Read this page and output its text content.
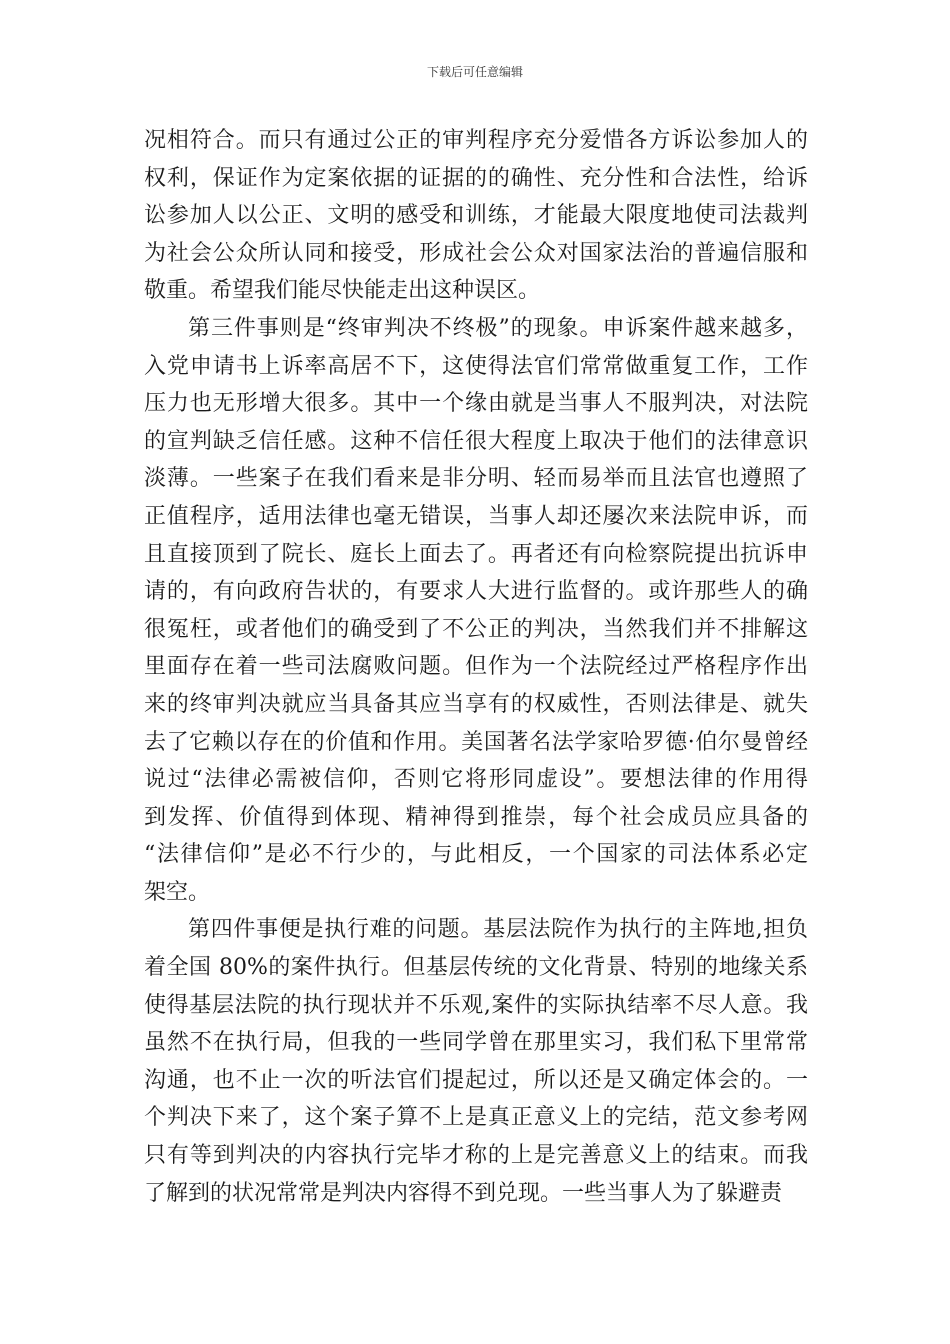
下载后可任意编辑
况相符合。而只有通过公正的审判程序充分爱惜各方诉讼参加人的
权利，保证作为定案依据的证据的的确性、充分性和合法性，给诉
讼参加人以公正、文明的感受和训练，才能最大限度地使司法裁判
为社会公众所认同和接受，形成社会公众对国家法治的普遍信服和
敬重。希望我们能尽快能走出这种误区。
第三件事则是“终审判决不终极”的现象。申诉案件越来越多，
入党申请书上诉率高居不下，这使得法官们常常做重复工作，工作
压力也无形增大很多。其中一个缘由就是当事人不服判决，对法院
的宣判缺乏信任感。这种不信任很大程度上取决于他们的法律意识
淡薄。一些案子在我们看来是非分明、轻而易举而且法官也遵照了
正值程序，适用法律也毫无错误，当事人却还屡次来法院申诉，而
且直接顶到了院长、庭长上面去了。再者还有向检察院提出抗诉申
请的，有向政府告状的，有要求人大进行监督的。或许那些人的确
很冤枉，或者他们的确受到了不公正的判决，当然我们并不排解这
里面存在着一些司法腐败问题。但作为一个法院经过严格程序作出
来的终审判决就应当具备其应当享有的权威性，否则法律是、就失
去了它赖以存在的价值和作用。美国著名法学家哈罗德·伯尔曼曾经
说过“法律必需被信仰，否则它将形同虚设”。要想法律的作用得
到发挥、价值得到体现、精神得到推崇，每个社会成员应具备的
“法律信仰”是必不行少的，与此相反，一个国家的司法体系必定
架空。
第四件事便是执行难的问题。基层法院作为执行的主阵地,担负
着全国 80%的案件执行。但基层传统的文化背景、特别的地缘关系
使得基层法院的执行现状并不乐观,案件的实际执结率不尽人意。我
虽然不在执行局，但我的一些同学曾在那里实习，我们私下里常常
沟通，也不止一次的听法官们提起过，所以还是又确定体会的。一
个判决下来了，这个案子算不上是真正意义上的完结，范文参考网
只有等到判决的内容执行完毕才称的上是完善意义上的结束。而我
了解到的状况常常是判决内容得不到兑现。一些当事人为了躲避责
